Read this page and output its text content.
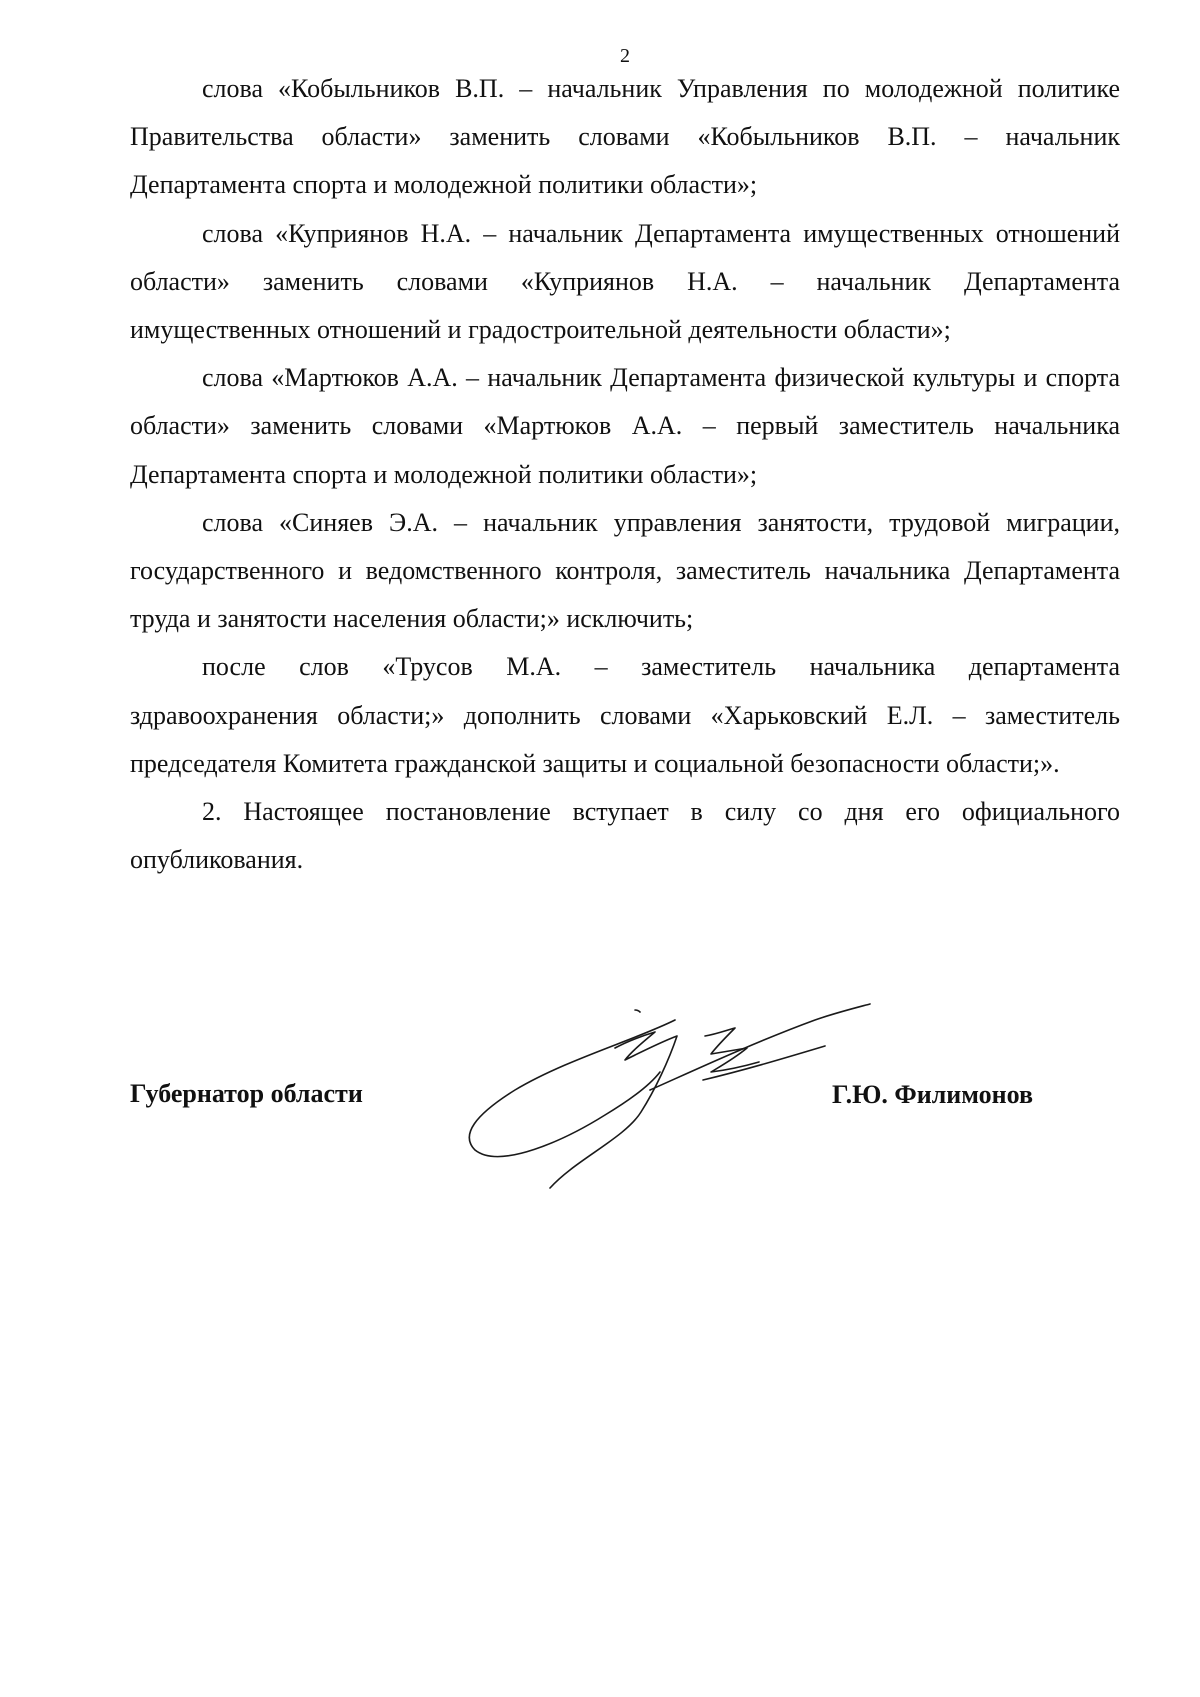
2

слова «Кобыльников В.П. – начальник Управления по молодежной политике Правительства области» заменить словами «Кобыльников В.П. – начальник Департамента спорта и молодежной политики области»;

слова «Куприянов Н.А. – начальник Департамента имущественных отношений области» заменить словами «Куприянов Н.А. – начальник Департамента имущественных отношений и градостроительной деятельности области»;

слова «Мартюков А.А. – начальник Департамента физической культуры и спорта области» заменить словами «Мартюков А.А. – первый заместитель начальника Департамента спорта и молодежной политики области»;

слова «Синяев Э.А. – начальник управления занятости, трудовой миграции, государственного и ведомственного контроля, заместитель начальника Департамента труда и занятости населения области;» исключить;

после слов «Трусов М.А. – заместитель начальника департамента здравоохранения области;» дополнить словами «Харьковский Е.Л. – заместитель председателя Комитета гражданской защиты и социальной безопасности области;».

2. Настоящее постановление вступает в силу со дня его официального опубликования.

Губернатор области	Г.Ю. Филимонов
